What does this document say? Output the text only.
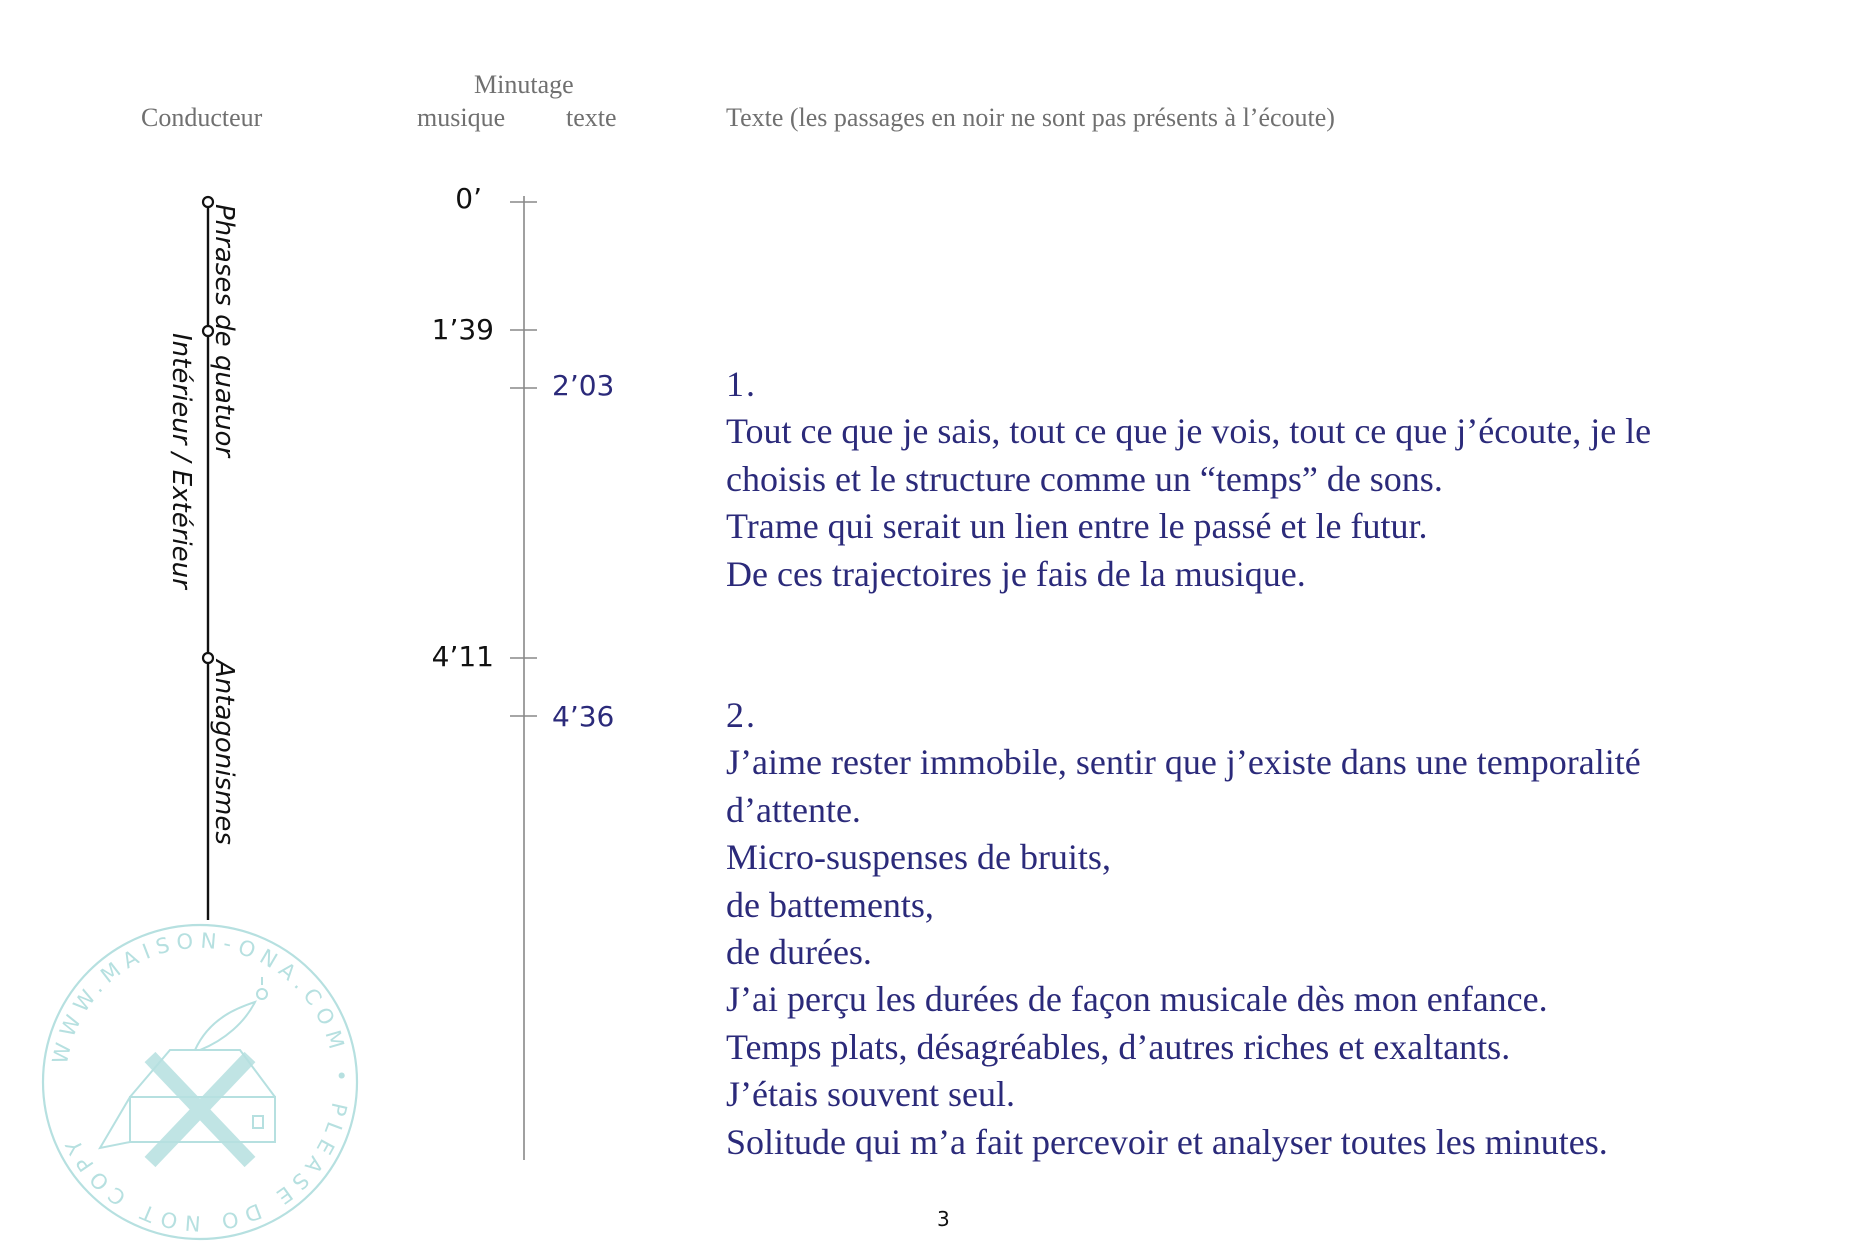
Conducteur
Minutage
musique texte	Texte (les passages en noir ne sont pas présents à l’écoute)
Phrases de quatuor
Intérieur / Extérieur
Antagonismes
0’
1’39
4’11
2’03
4’36
1.
Tout ce que je sais, tout ce que je vois, tout ce que j’écoute, je le
choisis et le structure comme un “temps” de sons.
Trame qui serait un lien entre le passé et le futur.
De ces trajectoires je fais de la musique.
2.
J’aime rester immobile, sentir que j’existe dans une temporalité
d’attente.
Micro-suspenses de bruits,
de battements,
de durées.
J’ai perçu les durées de façon musicale dès mon enfance.
Temps plats, désagréables, d’autres riches et exaltants.
J’étais souvent seul.
Solitude qui m’a fait percevoir et analyser toutes les minutes.
WWW.MAISON-ONA.COM • PLEASE DO NOT COPY
3
